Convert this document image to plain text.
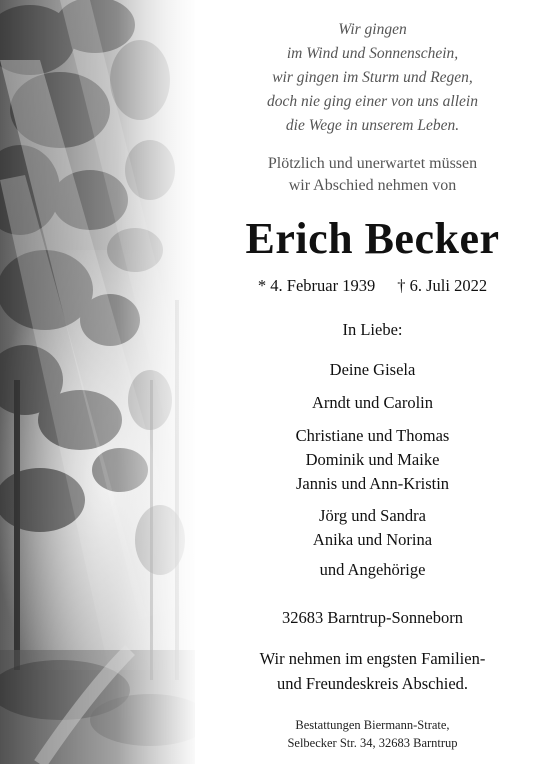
Wir gingen
im Wind und Sonnenschein,
wir gingen im Sturm und Regen,
doch nie ging einer von uns allein
die Wege in unserem Leben.
Plötzlich und unerwartet müssen
wir Abschied nehmen von
Erich Becker
* 4. Februar 1939 † 6. Juli 2022
In Liebe:
Deine Gisela
Arndt und Carolin
Christiane und Thomas
Dominik und Maike
Jannis und Ann-Kristin
Jörg und Sandra
Anika und Norina
und Angehörige
32683 Barntrup-Sonneborn
Wir nehmen im engsten Familien-
und Freundeskreis Abschied.
Bestattungen Biermann-Strate,
Selbecker Str. 34, 32683 Barntrup
